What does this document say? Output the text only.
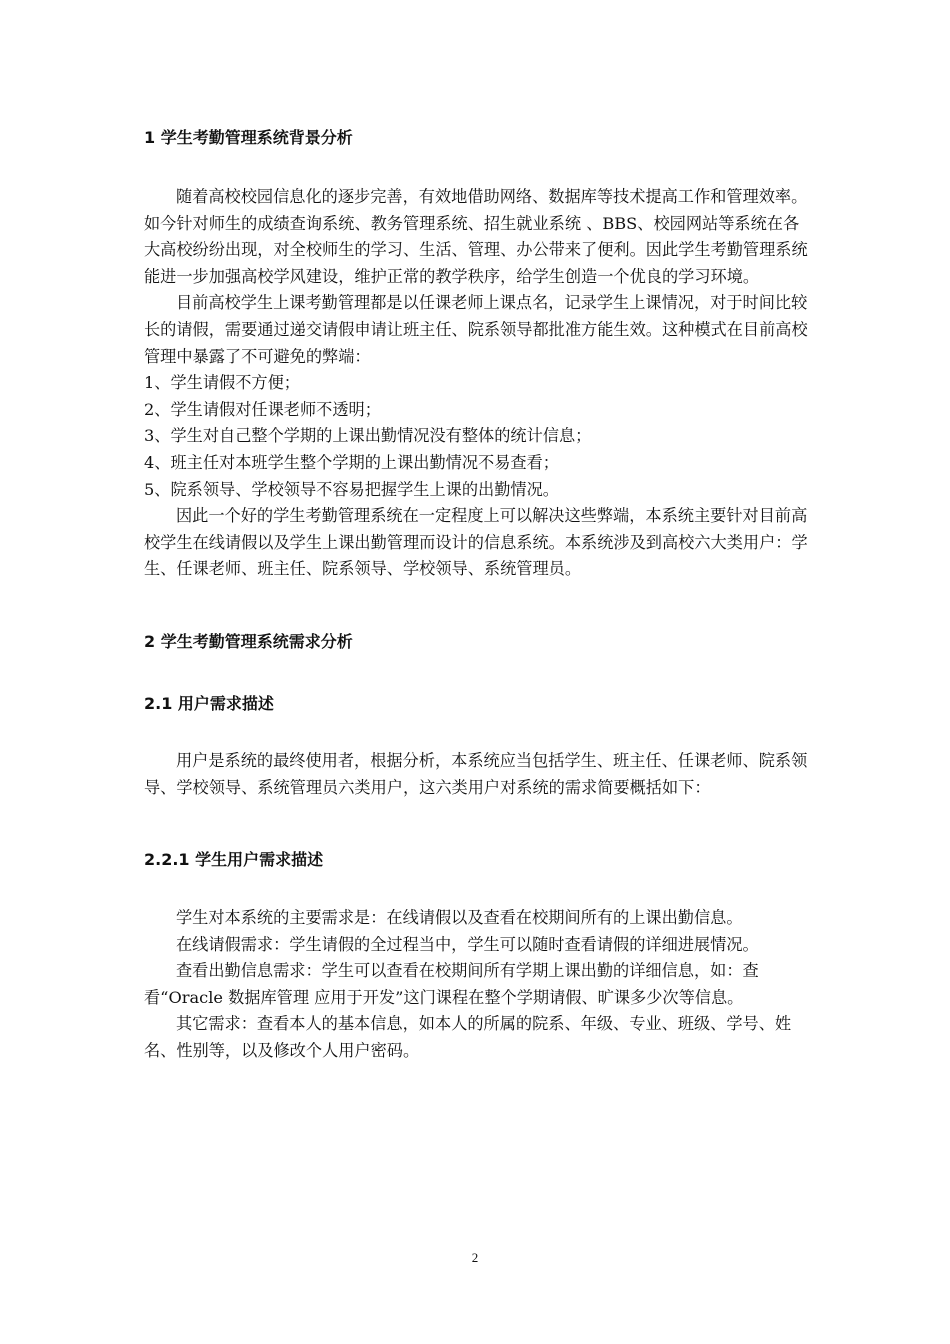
1 学生考勤管理系统背景分析

随着高校校园信息化的逐步完善，有效地借助网络、数据库等技术提高工作和管理效率。如今针对师生的成绩查询系统、教务管理系统、招生就业系统 、BBS、校园网站等系统在各大高校纷纷出现，对全校师生的学习、生活、管理、办公带来了便利。因此学生考勤管理系统能进一步加强高校学风建设，维护正常的教学秩序，给学生创造一个优良的学习环境。

目前高校学生上课考勤管理都是以任课老师上课点名，记录学生上课情况，对于时间比较长的请假，需要通过递交请假申请让班主任、院系领导都批准方能生效。这种模式在目前高校管理中暴露了不可避免的弊端：

1、学生请假不方便；

2、学生请假对任课老师不透明；

3、学生对自己整个学期的上课出勤情况没有整体的统计信息；

4、班主任对本班学生整个学期的上课出勤情况不易查看；

5、院系领导、学校领导不容易把握学生上课的出勤情况。

因此一个好的学生考勤管理系统在一定程度上可以解决这些弊端，本系统主要针对目前高校学生在线请假以及学生上课出勤管理而设计的信息系统。本系统涉及到高校六大类用户：学生、任课老师、班主任、院系领导、学校领导、系统管理员。

2 学生考勤管理系统需求分析
2.1 用户需求描述

用户是系统的最终使用者，根据分析，本系统应当包括学生、班主任、任课老师、院系领导、学校领导、系统管理员六类用户，这六类用户对系统的需求简要概括如下：

2.2.1 学生用户需求描述

学生对本系统的主要需求是：在线请假以及查看在校期间所有的上课出勤信息。

在线请假需求：学生请假的全过程当中，学生可以随时查看请假的详细进展情况。

查看出勤信息需求：学生可以查看在校期间所有学期上课出勤的详细信息，如：查看“Oracle 数据库管理 应用于开发”这门课程在整个学期请假、旷课多少次等信息。

其它需求：查看本人的基本信息，如本人的所属的院系、年级、专业、班级、学号、姓名、性别等，以及修改个人用户密码。

2
